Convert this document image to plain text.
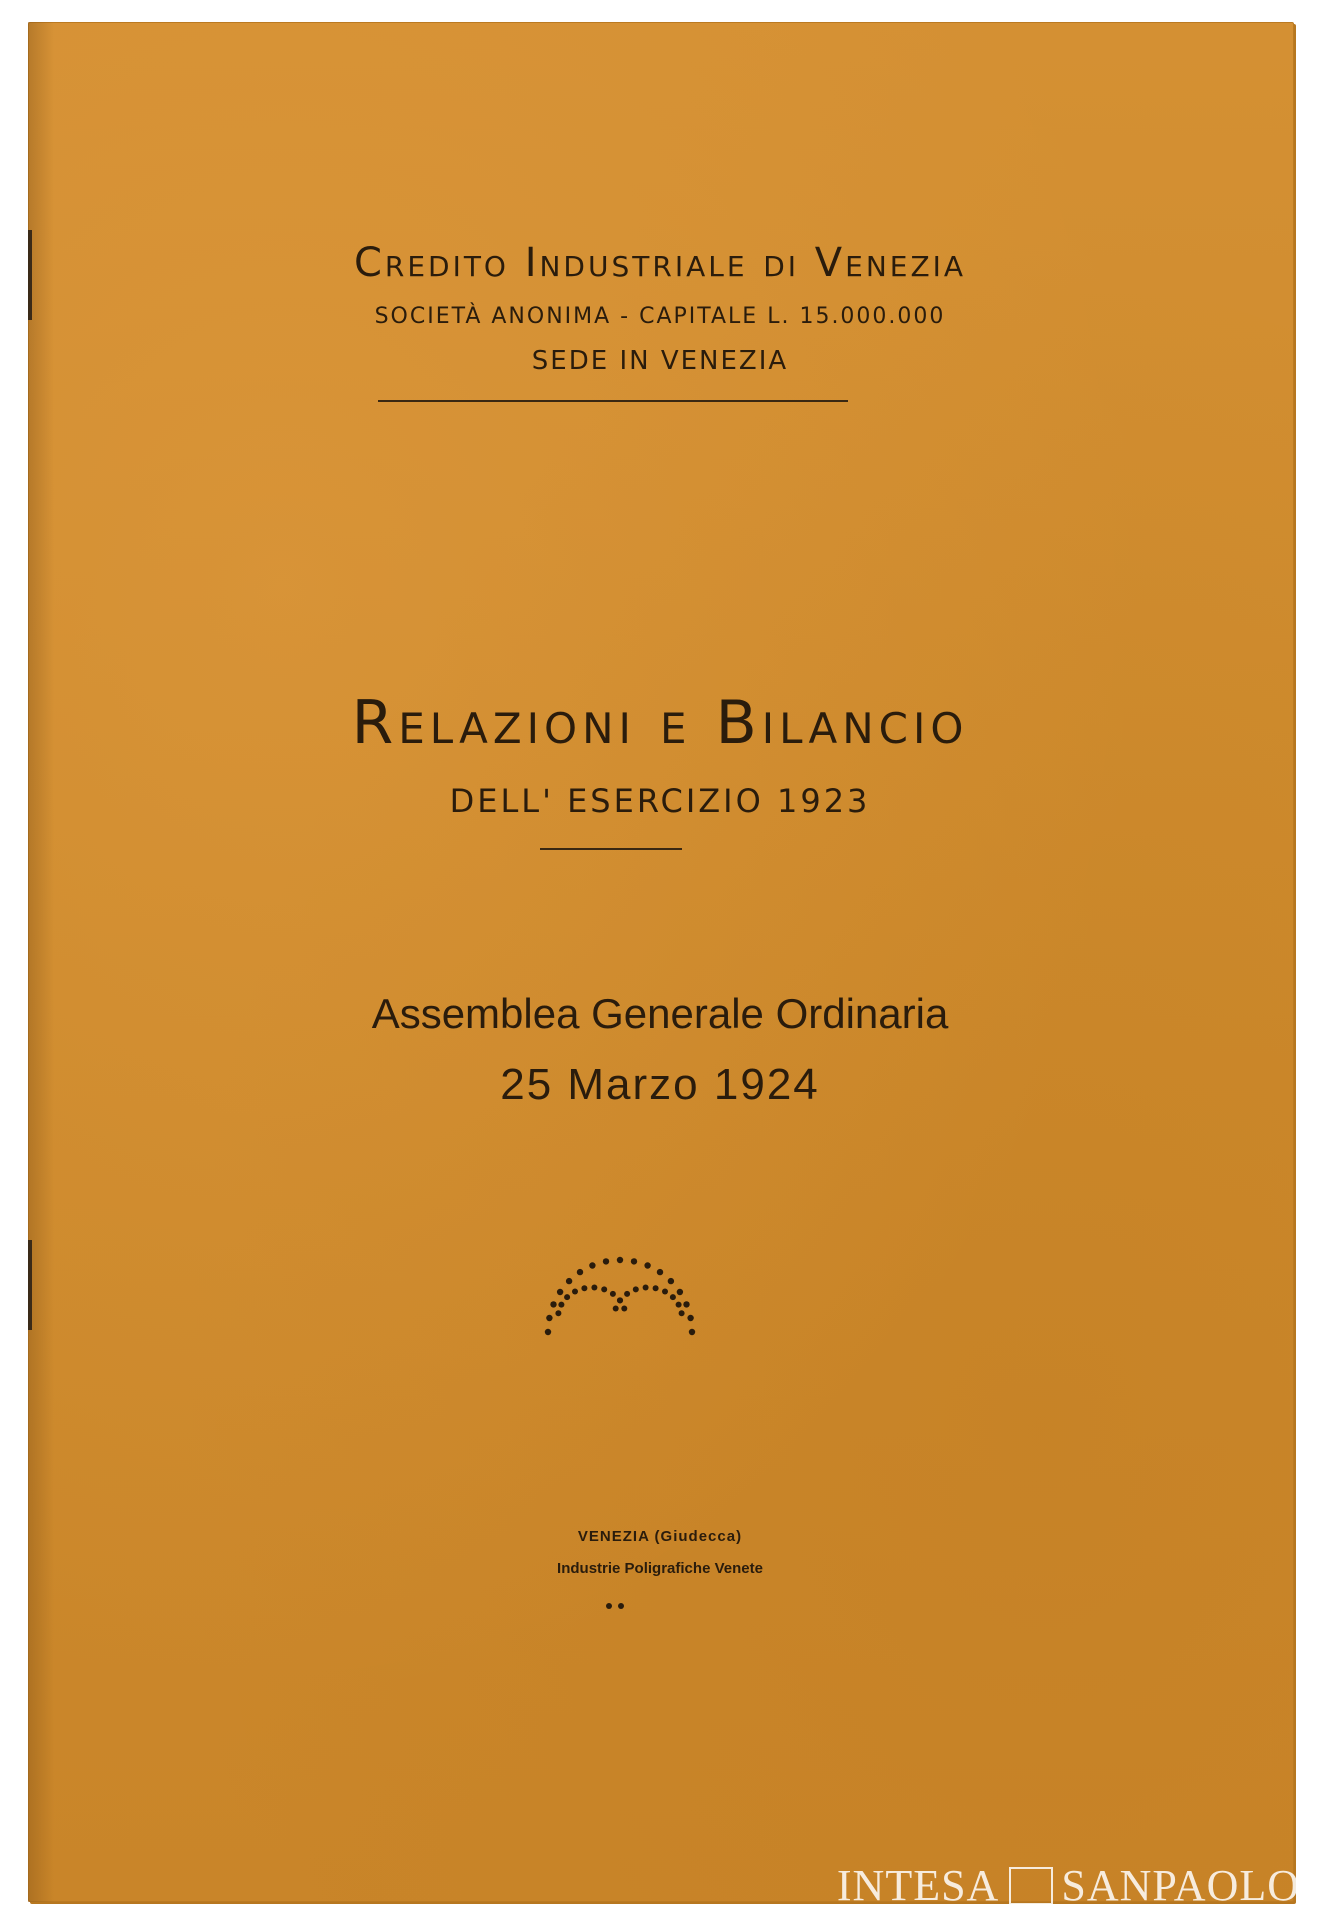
Credito Industriale di Venezia
SOCIETÀ ANONIMA - CAPITALE L. 15.000.000
SEDE IN VENEZIA
Relazioni e Bilancio
DELL' ESERCIZIO 1923
Assemblea Generale Ordinaria
25 Marzo 1924
VENEZIA (Giudecca)
Industrie Poligrafiche Venete
INTESA SANPAOLO
